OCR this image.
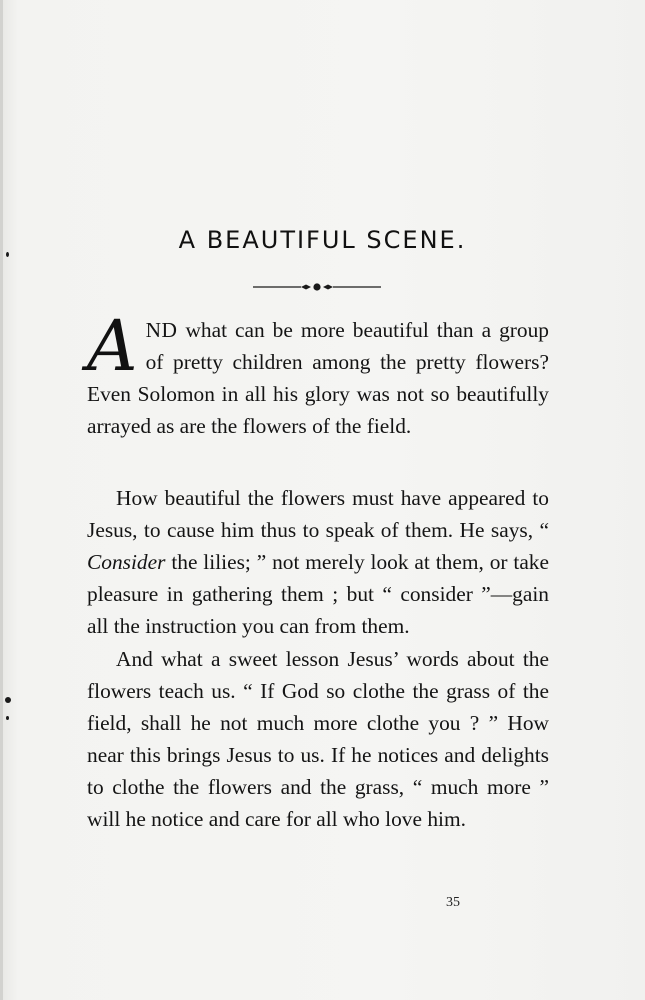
A BEAUTIFUL SCENE.

AND what can be more beautiful than a group of pretty children among the pretty flowers? Even Solomon in all his glory was not so beautifully arrayed as are the flowers of the field.

How beautiful the flowers must have appeared to Jesus, to cause him thus to speak of them. He says, “ Consider the lilies; ” not merely look at them, or take pleasure in gathering them ; but “ consider ”—gain all the instruction you can from them.

And what a sweet lesson Jesus’ words about the flowers teach us. “ If God so clothe the grass of the field, shall he not much more clothe you ? ” How near this brings Jesus to us. If he notices and delights to clothe the flowers and the grass, “ much more ” will he notice and care for all who love him.

35
